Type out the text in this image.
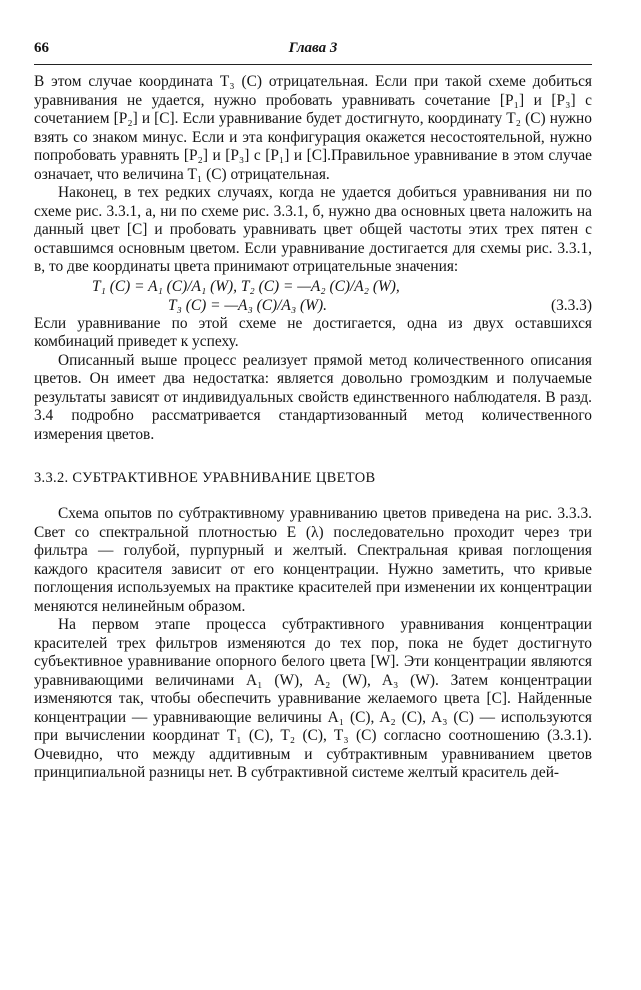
66	Глава 3

В этом случае координата T₃ (C) отрицательная. Если при такой схеме добиться уравнивания не удается, нужно пробовать уравнивать сочетание [P₁] и [P₃] с сочетанием [P₂] и [C]. Если уравнивание будет достигнуто, координату T₂ (C) нужно взять со знаком минус. Если и эта конфигурация окажется несостоятельной, нужно попробовать уравнять [P₂] и [P₃] с [P₁] и [C].Правильное уравнивание в этом случае означает, что величина T₁ (C) отрицательная.

Наконец, в тех редких случаях, когда не удается добиться уравнивания ни по схеме рис. 3.3.1, а, ни по схеме рис. 3.3.1, б, нужно два основных цвета наложить на данный цвет [C] и пробовать уравнивать цвет общей частоты этих трех пятен с оставшимся основным цветом. Если уравнивание достигается для схемы рис. 3.3.1, в, то две координаты цвета принимают отрицательные значения:

T₁ (C) = A₁ (C)/A₁ (W), T₂ (C) = —A₂ (C)/A₂ (W),
T₃ (C) = —A₃ (C)/A₃ (W).	(3.3.3)

Если уравнивание по этой схеме не достигается, одна из двух оставшихся комбинаций приведет к успеху.

Описанный выше процесс реализует прямой метод количественного описания цветов. Он имеет два недостатка: является довольно громоздким и получаемые результаты зависят от индивидуальных свойств единственного наблюдателя. В разд. 3.4 подробно рассматривается стандартизованный метод количественного измерения цветов.

3.3.2. СУБТРАКТИВНОЕ УРАВНИВАНИЕ ЦВЕТОВ

Схема опытов по субтрактивному уравниванию цветов приведена на рис. 3.3.3. Свет со спектральной плотностью E (λ) последовательно проходит через три фильтра — голубой, пурпурный и желтый. Спектральная кривая поглощения каждого красителя зависит от его концентрации. Нужно заметить, что кривые поглощения используемых на практике красителей при изменении их концентрации меняются нелинейным образом.

На первом этапе процесса субтрактивного уравнивания концентрации красителей трех фильтров изменяются до тех пор, пока не будет достигнуто субъективное уравнивание опорного белого цвета [W]. Эти концентрации являются уравнивающими величинами A₁ (W), A₂ (W), A₃ (W). Затем концентрации изменяются так, чтобы обеспечить уравнивание желаемого цвета [C]. Найденные концентрации — уравнивающие величины A₁ (C), A₂ (C), A₃ (C) — используются при вычислении координат T₁ (C), T₂ (C), T₃ (C) согласно соотношению (3.3.1). Очевидно, что между аддитивным и субтрактивным уравниванием цветов принципиальной разницы нет. В субтрактивной системе желтый краситель дей-
